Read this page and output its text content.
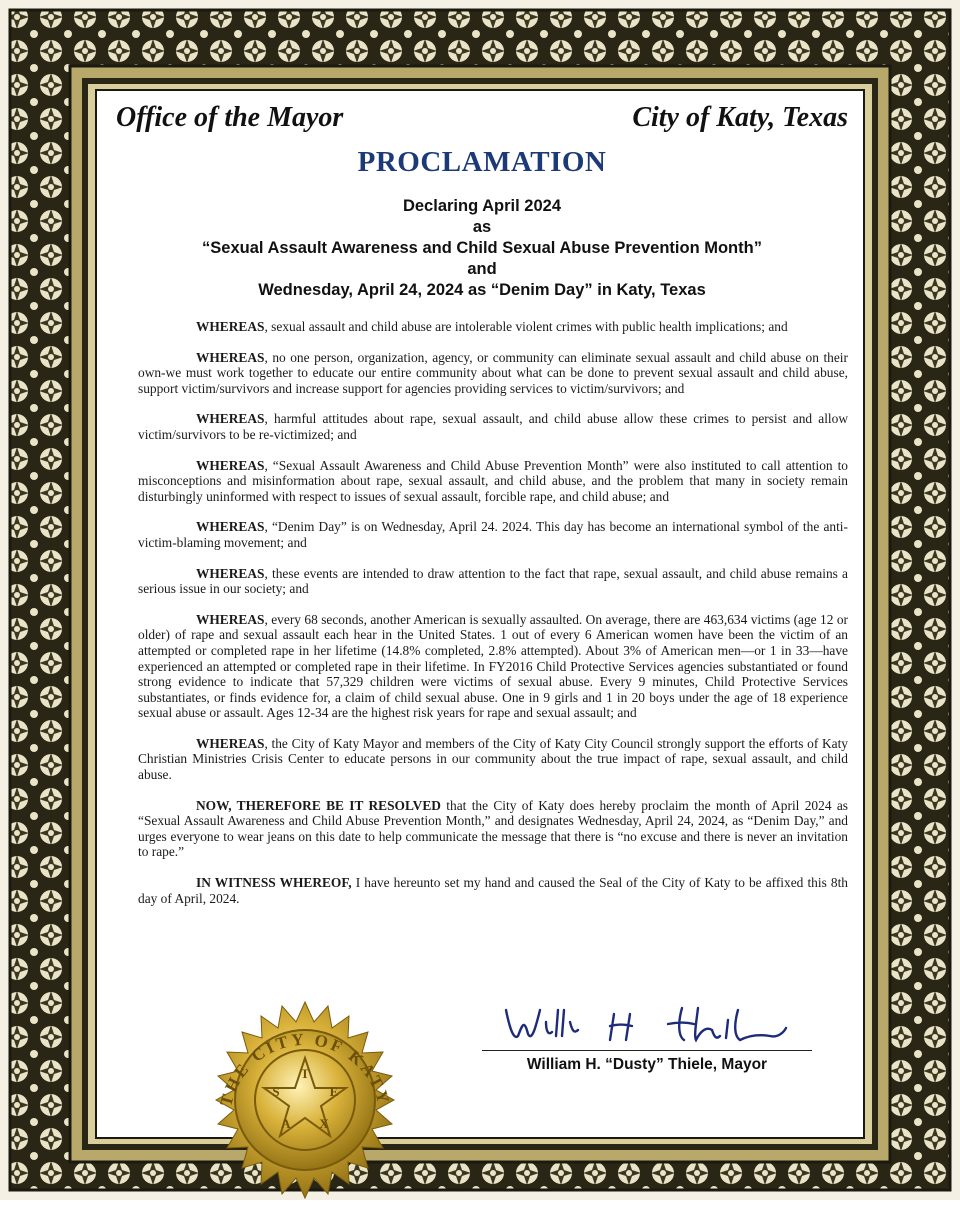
Office of the Mayor	City of Katy, Texas
PROCLAMATION
Declaring April 2024
as
“Sexual Assault Awareness and Child Sexual Abuse Prevention Month”
and
Wednesday, April 24, 2024 as “Denim Day” in Katy, Texas

WHEREAS, sexual assault and child abuse are intolerable violent crimes with public health implications; and

WHEREAS, no one person, organization, agency, or community can eliminate sexual assault and child abuse on their own-we must work together to educate our entire community about what can be done to prevent sexual assault and child abuse, support victim/survivors and increase support for agencies providing services to victim/survivors; and

WHEREAS, harmful attitudes about rape, sexual assault, and child abuse allow these crimes to persist and allow victim/survivors to be re-victimized; and

WHEREAS, “Sexual Assault Awareness and Child Abuse Prevention Month” were also instituted to call attention to misconceptions and misinformation about rape, sexual assault, and child abuse, and the problem that many in society remain disturbingly uninformed with respect to issues of sexual assault, forcible rape, and child abuse; and

WHEREAS, “Denim Day” is on Wednesday, April 24. 2024. This day has become an international symbol of the anti-victim-blaming movement; and

WHEREAS, these events are intended to draw attention to the fact that rape, sexual assault, and child abuse remains a serious issue in our society; and

WHEREAS, every 68 seconds, another American is sexually assaulted. On average, there are 463,634 victims (age 12 or older) of rape and sexual assault each hear in the United States. 1 out of every 6 American women have been the victim of an attempted or completed rape in her lifetime (14.8% completed, 2.8% attempted). About 3% of American men—or 1 in 33—have experienced an attempted or completed rape in their lifetime. In FY2016 Child Protective Services agencies substantiated or found strong evidence to indicate that 57,329 children were victims of sexual abuse. Every 9 minutes, Child Protective Services substantiates, or finds evidence for, a claim of child sexual abuse. One in 9 girls and 1 in 20 boys under the age of 18 experience sexual abuse or assault. Ages 12-34 are the highest risk years for rape and sexual assault; and

WHEREAS, the City of Katy Mayor and members of the City of Katy City Council strongly support the efforts of Katy Christian Ministries Crisis Center to educate persons in our community about the true impact of rape, sexual assault, and child abuse.

NOW, THEREFORE BE IT RESOLVED that the City of Katy does hereby proclaim the month of April 2024 as “Sexual Assault Awareness and Child Abuse Prevention Month,” and designates Wednesday, April 24, 2024, as “Denim Day,” and urges everyone to wear jeans on this date to help communicate the message that there is “no excuse and there is never an invitation to rape.”

IN WITNESS WHEREOF, I have hereunto set my hand and caused the Seal of the City of Katy to be affixed this 8th day of April, 2024.

William H. “Dusty” Thiele, Mayor
THE CITY OF KATY
T
E
X
A
S
